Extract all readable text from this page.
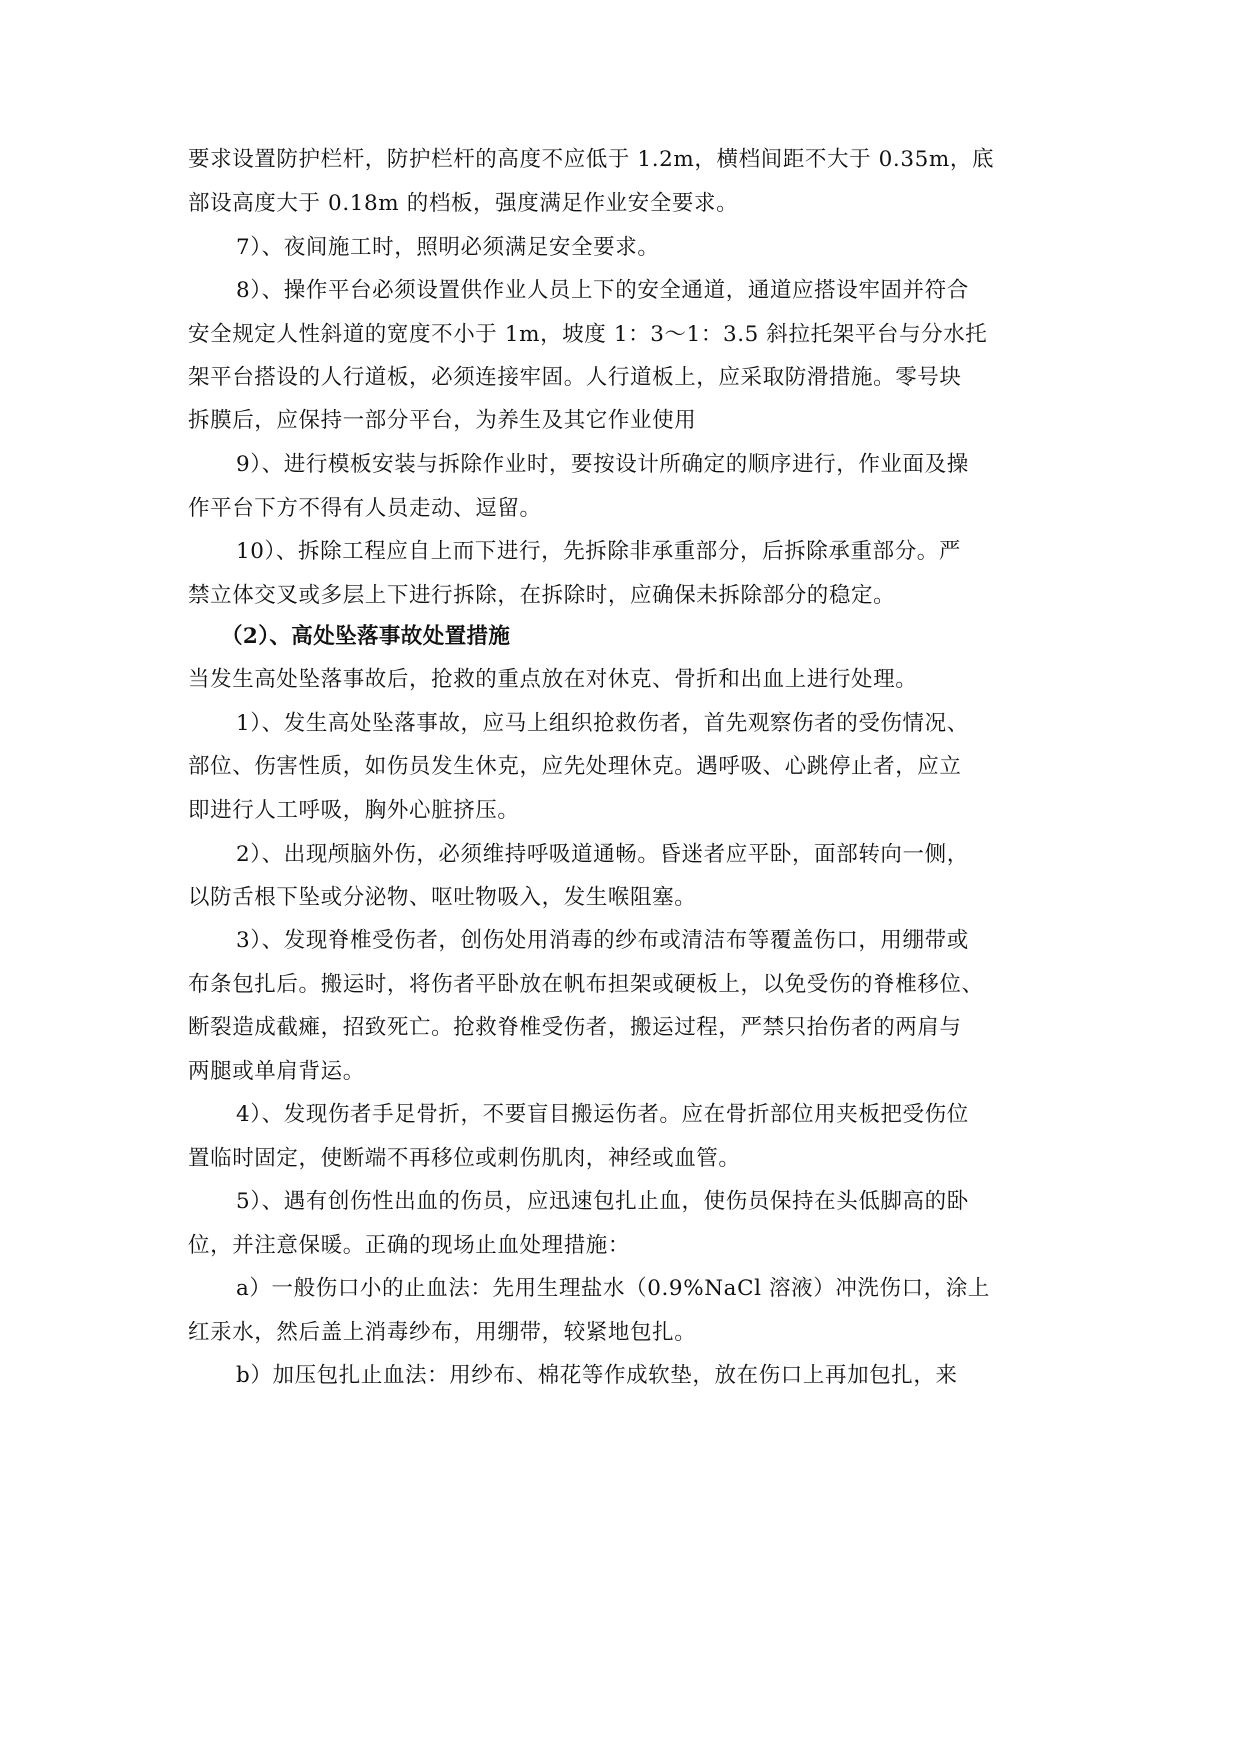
要求设置防护栏杆，防护栏杆的高度不应低于 1.2m，横档间距不大于 0.35m，底
部设高度大于 0.18m 的档板，强度满足作业安全要求。
7）、夜间施工时，照明必须满足安全要求。
8）、操作平台必须设置供作业人员上下的安全通道，通道应搭设牢固并符合
安全规定人性斜道的宽度不小于 1m，坡度 1：3～1：3.5 斜拉托架平台与分水托
架平台搭设的人行道板，必须连接牢固。人行道板上，应采取防滑措施。零号块
拆膜后，应保持一部分平台，为养生及其它作业使用
9）、进行模板安装与拆除作业时，要按设计所确定的顺序进行，作业面及操
作平台下方不得有人员走动、逗留。
10）、拆除工程应自上而下进行，先拆除非承重部分，后拆除承重部分。严
禁立体交叉或多层上下进行拆除，在拆除时，应确保未拆除部分的稳定。
（2）、高处坠落事故处置措施
当发生高处坠落事故后，抢救的重点放在对休克、骨折和出血上进行处理。
1）、发生高处坠落事故，应马上组织抢救伤者，首先观察伤者的受伤情况、
部位、伤害性质，如伤员发生休克，应先处理休克。遇呼吸、心跳停止者，应立
即进行人工呼吸，胸外心脏挤压。
2）、出现颅脑外伤，必须维持呼吸道通畅。昏迷者应平卧，面部转向一侧，
以防舌根下坠或分泌物、呕吐物吸入，发生喉阻塞。
3）、发现脊椎受伤者，创伤处用消毒的纱布或清洁布等覆盖伤口，用绷带或
布条包扎后。搬运时，将伤者平卧放在帆布担架或硬板上，以免受伤的脊椎移位、
断裂造成截瘫，招致死亡。抢救脊椎受伤者，搬运过程，严禁只抬伤者的两肩与
两腿或单肩背运。
4）、发现伤者手足骨折，不要盲目搬运伤者。应在骨折部位用夹板把受伤位
置临时固定，使断端不再移位或刺伤肌肉，神经或血管。
5）、遇有创伤性出血的伤员，应迅速包扎止血，使伤员保持在头低脚高的卧
位，并注意保暖。正确的现场止血处理措施：
a）一般伤口小的止血法：先用生理盐水（0.9%NaCl 溶液）冲洗伤口，涂上
红汞水，然后盖上消毒纱布，用绷带，较紧地包扎。
b）加压包扎止血法：用纱布、棉花等作成软垫，放在伤口上再加包扎，来
